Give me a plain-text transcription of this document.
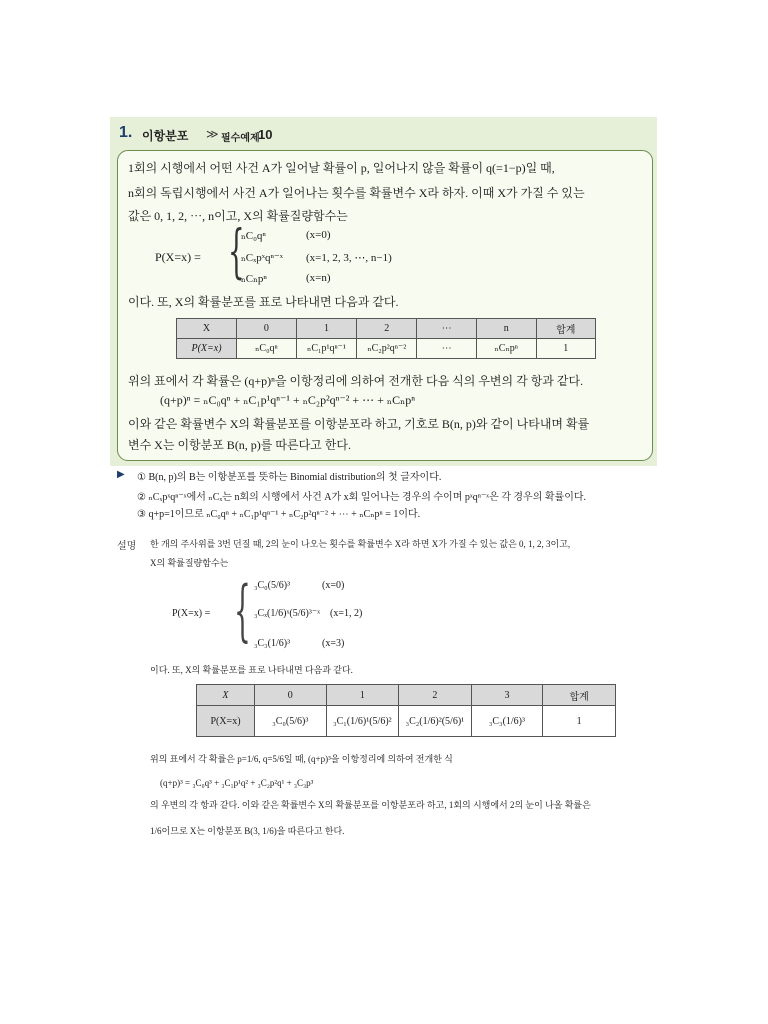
1. 이항분포 ≫ 필수예제
10
1회의 시행에서 어떤 사건 A가 일어날 확률이 p, 일어나지 않을 확률이 q(=1−p)일 때,
n회의 독립시행에서 사건 A가 일어나는 횟수를 확률변수 X라 하자. 이때 X가 가질 수 있는
값은 0, 1, 2, ⋯, n이고, X의 확률질량함수는
P(X=x) = {
ₙC₀qⁿ	(x=0)
ₙCₓpˣqⁿ⁻ˣ (x=1, 2, 3, ⋯, n−1)
ₙCₙpⁿ	(x=n)
이다. 또, X의 확률분포를 표로 나타내면 다음과 같다.
X	0	1	2	⋯	n	합계
P(X=x)	ₙC₀qⁿ	ₙC₁p¹qⁿ⁻¹	ₙC₂p²qⁿ⁻²	⋯	ₙCₙpⁿ	1
위의 표에서 각 확률은 (q+p)ⁿ을 이항정리에 의하여 전개한 다음 식의 우변의 각 항과 같다.
(q+p)ⁿ = ₙC₀qⁿ + ₙC₁p¹qⁿ⁻¹ + ₙC₂p²qⁿ⁻² + ⋯ + ₙCₙpⁿ
이와 같은 확률변수 X의 확률분포를 이항분포라 하고, 기호로 B(n, p)와 같이 나타내며 확률
변수 X는 이항분포 B(n, p)를 따른다고 한다.
▶ ① B(n, p)의 B는 이항분포를 뜻하는 Binomial distribution의 첫 글자이다.
② ₙCₓpˣqⁿ⁻ˣ에서 ₙCₓ는 n회의 시행에서 사건 A가 x회 일어나는 경우의 수이며 pˣqⁿ⁻ˣ은 각 경우의 확률이다.
③ q+p=1이므로 ₙC₀qⁿ + ₙC₁p¹qⁿ⁻¹ + ₙC₂p²qⁿ⁻² + ⋯ + ₙCₙpⁿ = 1이다.
설명 한 개의 주사위를 3번 던질 때, 2의 눈이 나오는 횟수를 확률변수 X라 하면 X가 가질 수 있는 값은 0, 1, 2, 3이고,
X의 확률질량함수는
P(X=x) = { ₃C₀(5/6)³	(x=0)
₃Cₓ(1/6)ˣ(5/6)³⁻ˣ (x=1, 2)
₃C₃(1/6)³	(x=3)
이다. 또, X의 확률분포를 표로 나타내면 다음과 같다.
X	0	1	2	3	합계
P(X=x)	₃C₀(5/6)³	₃C₁(1/6)¹(5/6)²	₃C₂(1/6)²(5/6)¹	₃C₃(1/6)³	1
위의 표에서 각 확률은 p=1/6, q=5/6일 때, (q+p)³을 이항정리에 의하여 전개한 식
(q+p)³ = ₃C₀q³ + ₃C₁p¹q² + ₃C₂p²q¹ + ₃C₃p³
의 우변의 각 항과 같다. 이와 같은 확률변수 X의 확률분포를 이항분포라 하고, 1회의 시행에서 2의 눈이 나올 확률은
1/6이므로 X는 이항분포 B(3, 1/6)을 따른다고 한다.
